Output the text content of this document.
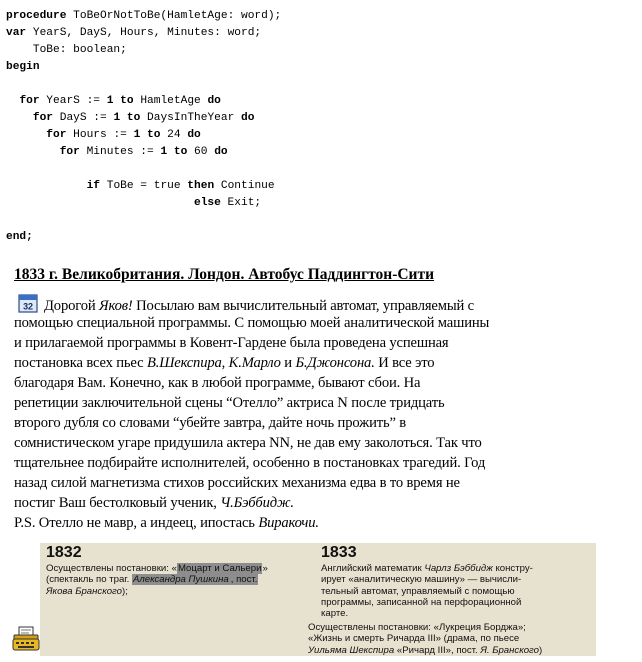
procedure ToBeOrNotToBe(HamletAge: word);
var YearS, DayS, Hours, Minutes: word;
ToBe: boolean;
begin
for YearS := 1 to HamletAge do
for DayS := 1 to DaysInTheYear do
for Hours := 1 to 24 do
for Minutes := 1 to 60 do
if ToBe = true then Continue
else Exit;
end;
1833 г. Великобритания. Лондон. Автобус Паддингтон-Сити
32 Дорогой Яков! Посылаю вам вычислительный автомат, управляемый с
помощью специальной программы. С помощью моей аналитической машины
и прилагаемой программы в Ковент-Гардене была проведена успешная
постановка всех пьес В.Шекспира, К.Марло и Б.Джонсона. И все это
благодаря Вам. Конечно, как в любой программе, бывают сбои. На
репетиции заключительной сцены “Отелло” актриса N после тридцать
второго дубля со словами “убейте завтра, дайте ночь прожить” в
сомнистическом угаре придушила актера NN, не дав ему заколоться. Так что
тщательнее подбирайте исполнителей, особенно в постановках трагедий. Год
назад силой магнетизма стихов российских механизма едва в то время не
постиг Ваш бестолковый ученик, Ч.Бэббидж.
P.S. Отелло не мавр, а индеец, ипостась Виракочи.
1832
Осуществлены постановки: «Моцарт и Сальери»
(спектакль по траг. Александра Пушкина , пост.
Якова Бранского);
1833
Английский математик Чарлз Бэббидж констру-
ирует «аналитическую машину» — вычисли-
тельный автомат, управляемый с помощью
программы, записанной на перфорационной
карте.
Осуществлены постановки: «Лукреция Борджа»;
«Жизнь и смерть Ричарда III» (драма, по пьесе
Уильяма Шекспира «Ричард III», пост. Я. Бранского)
